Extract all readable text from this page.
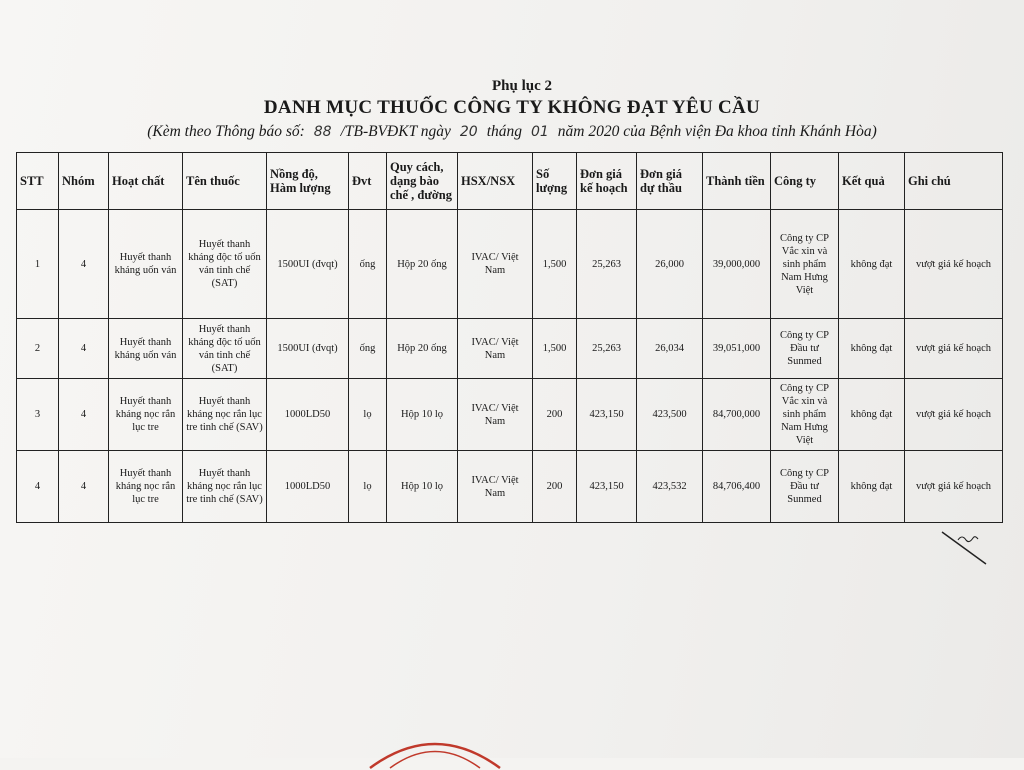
Phụ lục 2
DANH MỤC THUỐC CÔNG TY KHÔNG ĐẠT YÊU CẦU
(Kèm theo Thông báo số: 88 /TB-BVĐKT ngày 20 tháng 01 năm 2020 của Bệnh viện Đa khoa tỉnh Khánh Hòa)
STT	Nhóm	Hoạt chất	Tên thuốc	Nồng độ, Hàm lượng	Đvt	Quy cách, dạng bào chế , đường	HSX/NSX	Số lượng	Đơn giá kế hoạch	Đơn giá dự thầu	Thành tiền	Công ty	Kết quả	Ghi chú
1	4	Huyết thanh kháng uốn ván	Huyết thanh kháng độc tố uốn ván tinh chế (SAT)	1500UI (đvqt)	ống	Hộp 20 ống	IVAC/ Việt Nam	1,500	25,263	26,000	39,000,000	Công ty CP Vắc xin và sinh phẩm Nam Hưng Việt	không đạt	vượt giá kế hoạch
2	4	Huyết thanh kháng uốn ván	Huyết thanh kháng độc tố uốn ván tinh chế (SAT)	1500UI (đvqt)	ống	Hộp 20 ống	IVAC/ Việt Nam	1,500	25,263	26,034	39,051,000	Công ty CP Đầu tư Sunmed	không đạt	vượt giá kế hoạch
3	4	Huyết thanh kháng nọc rắn lục tre	Huyết thanh kháng nọc rắn lục tre tinh chế (SAV)	1000LD50	lọ	Hộp 10 lọ	IVAC/ Việt Nam	200	423,150	423,500	84,700,000	Công ty CP Vắc xin và sinh phẩm Nam Hưng Việt	không đạt	vượt giá kế hoạch
4	4	Huyết thanh kháng nọc rắn lục tre	Huyết thanh kháng nọc rắn lục tre tinh chế (SAV)	1000LD50	lọ	Hộp 10 lọ	IVAC/ Việt Nam	200	423,150	423,532	84,706,400	Công ty CP Đầu tư Sunmed	không đạt	vượt giá kế hoạch
